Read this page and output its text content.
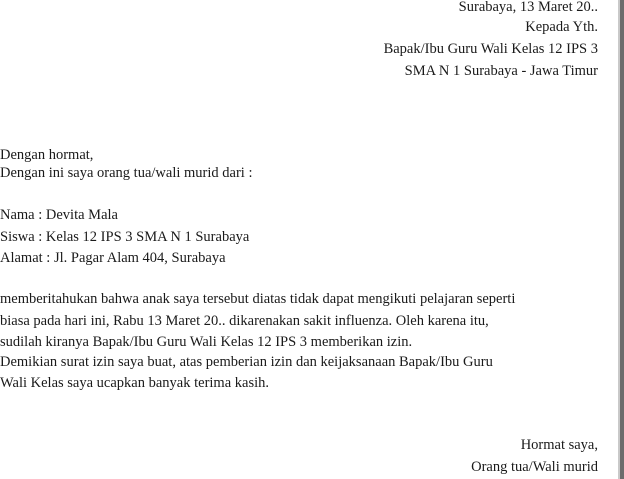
Surabaya, 13 Maret 20..
Kepada Yth.
Bapak/Ibu Guru Wali Kelas 12 IPS 3
SMA N 1 Surabaya - Jawa Timur
Dengan hormat,
Dengan ini saya orang tua/wali murid dari :
Nama : Devita Mala
Siswa : Kelas 12 IPS 3 SMA N 1 Surabaya
Alamat : Jl. Pagar Alam 404, Surabaya
memberitahukan bahwa anak saya tersebut diatas tidak dapat mengikuti pelajaran seperti
biasa pada hari ini, Rabu 13 Maret 20.. dikarenakan sakit influenza. Oleh karena itu,
sudilah kiranya Bapak/Ibu Guru Wali Kelas 12 IPS 3 memberikan izin.
Demikian surat izin saya buat, atas pemberian izin dan keijaksanaan Bapak/Ibu Guru
Wali Kelas saya ucapkan banyak terima kasih.
Hormat saya,
Orang tua/Wali murid
